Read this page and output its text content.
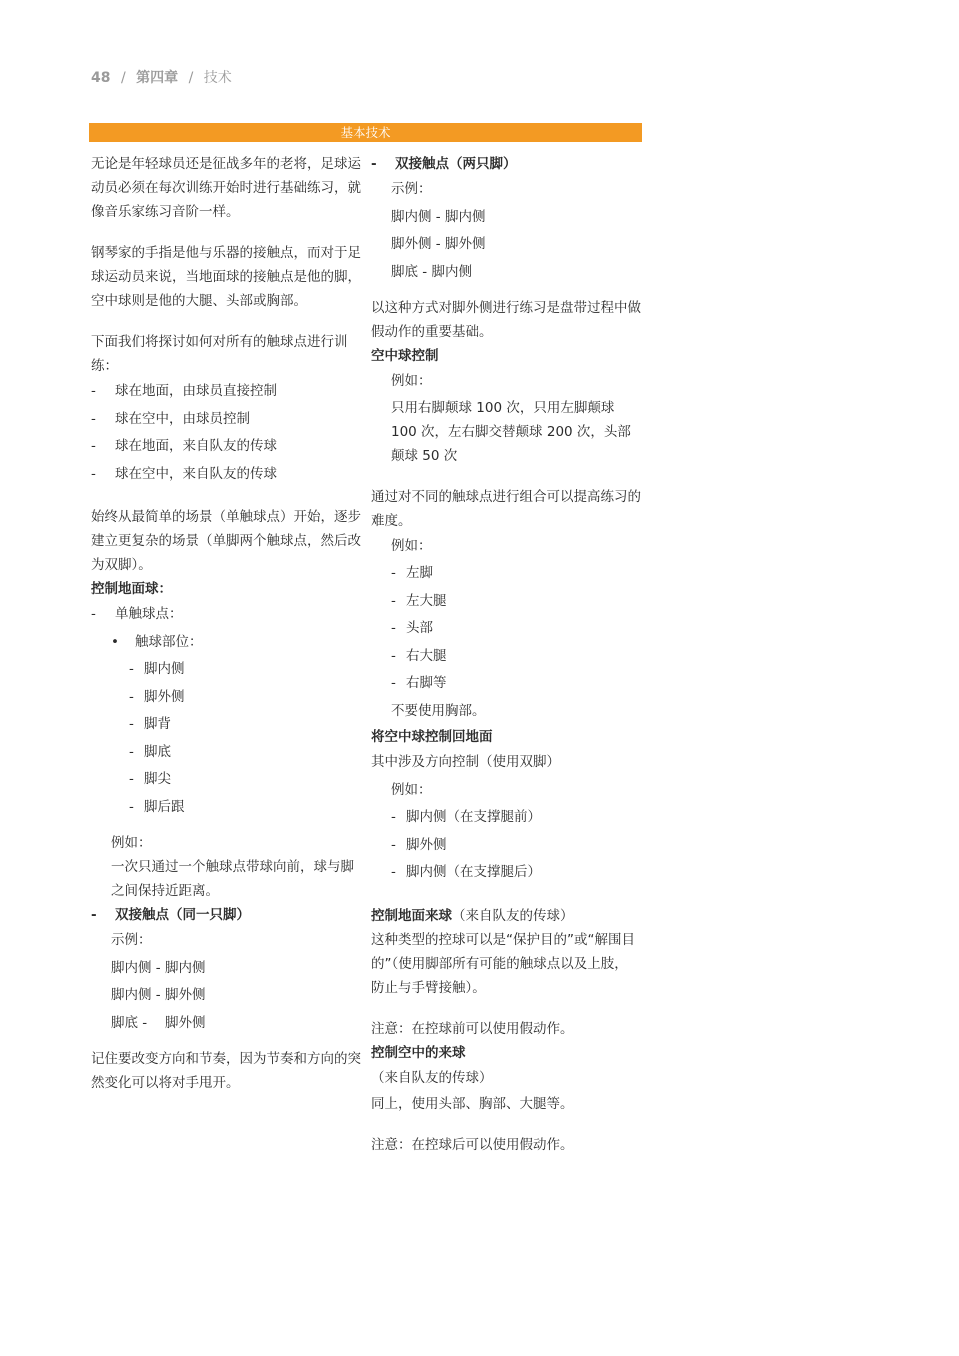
48 / 第四章 / 技术
基本技术

无论是年轻球员还是征战多年的老将，足球运动员必须在每次训练开始时进行基础练习，就像音乐家练习音阶一样。

钢琴家的手指是他与乐器的接触点，而对于足球运动员来说，当地面球的接触点是他的脚，空中球则是他的大腿、头部或胸部。

下面我们将探讨如何对所有的触球点进行训练：

-	球在地面，由球员直接控制
-	球在空中，由球员控制
-	球在地面，来自队友的传球
-	球在空中，来自队友的传球

始终从最简单的场景（单触球点）开始，逐步建立更复杂的场景（单脚两个触球点，然后改为双脚）。

控制地面球：

-	单触球点：
•	触球部位：
- 脚内侧
- 脚外侧
- 脚背
- 脚底
- 脚尖
- 脚后跟

例如：

一次只通过一个触球点带球向前，球与脚之间保持近距离。

-	双接触点（同一只脚）

示例：

脚内侧 - 脚内侧

脚内侧 - 脚外侧

脚底 -　 脚外侧

记住要改变方向和节奏，因为节奏和方向的突然变化可以将对手甩开。

-	双接触点（两只脚）

示例：

脚内侧 - 脚内侧

脚外侧 - 脚外侧

脚底 - 脚内侧

以这种方式对脚外侧进行练习是盘带过程中做假动作的重要基础。

空中球控制

例如：

只用右脚颠球 100 次，只用左脚颠球 100 次，左右脚交替颠球 200 次，头部颠球 50 次

通过对不同的触球点进行组合可以提高练习的难度。

例如：

- 左脚
- 左大腿
- 头部
- 右大腿
- 右脚等

不要使用胸部。

将空中球控制回地面

其中涉及方向控制（使用双脚）

例如：

- 脚内侧（在支撑腿前）
- 脚外侧
- 脚内侧（在支撑腿后）

控制地面来球（来自队友的传球）

这种类型的控球可以是“保护目的”或“解围目的”（使用脚部所有可能的触球点以及上肢，防止与手臂接触）。

注意：在控球前可以使用假动作。

控制空中的来球

（来自队友的传球）

同上，使用头部、胸部、大腿等。

注意：在控球后可以使用假动作。
